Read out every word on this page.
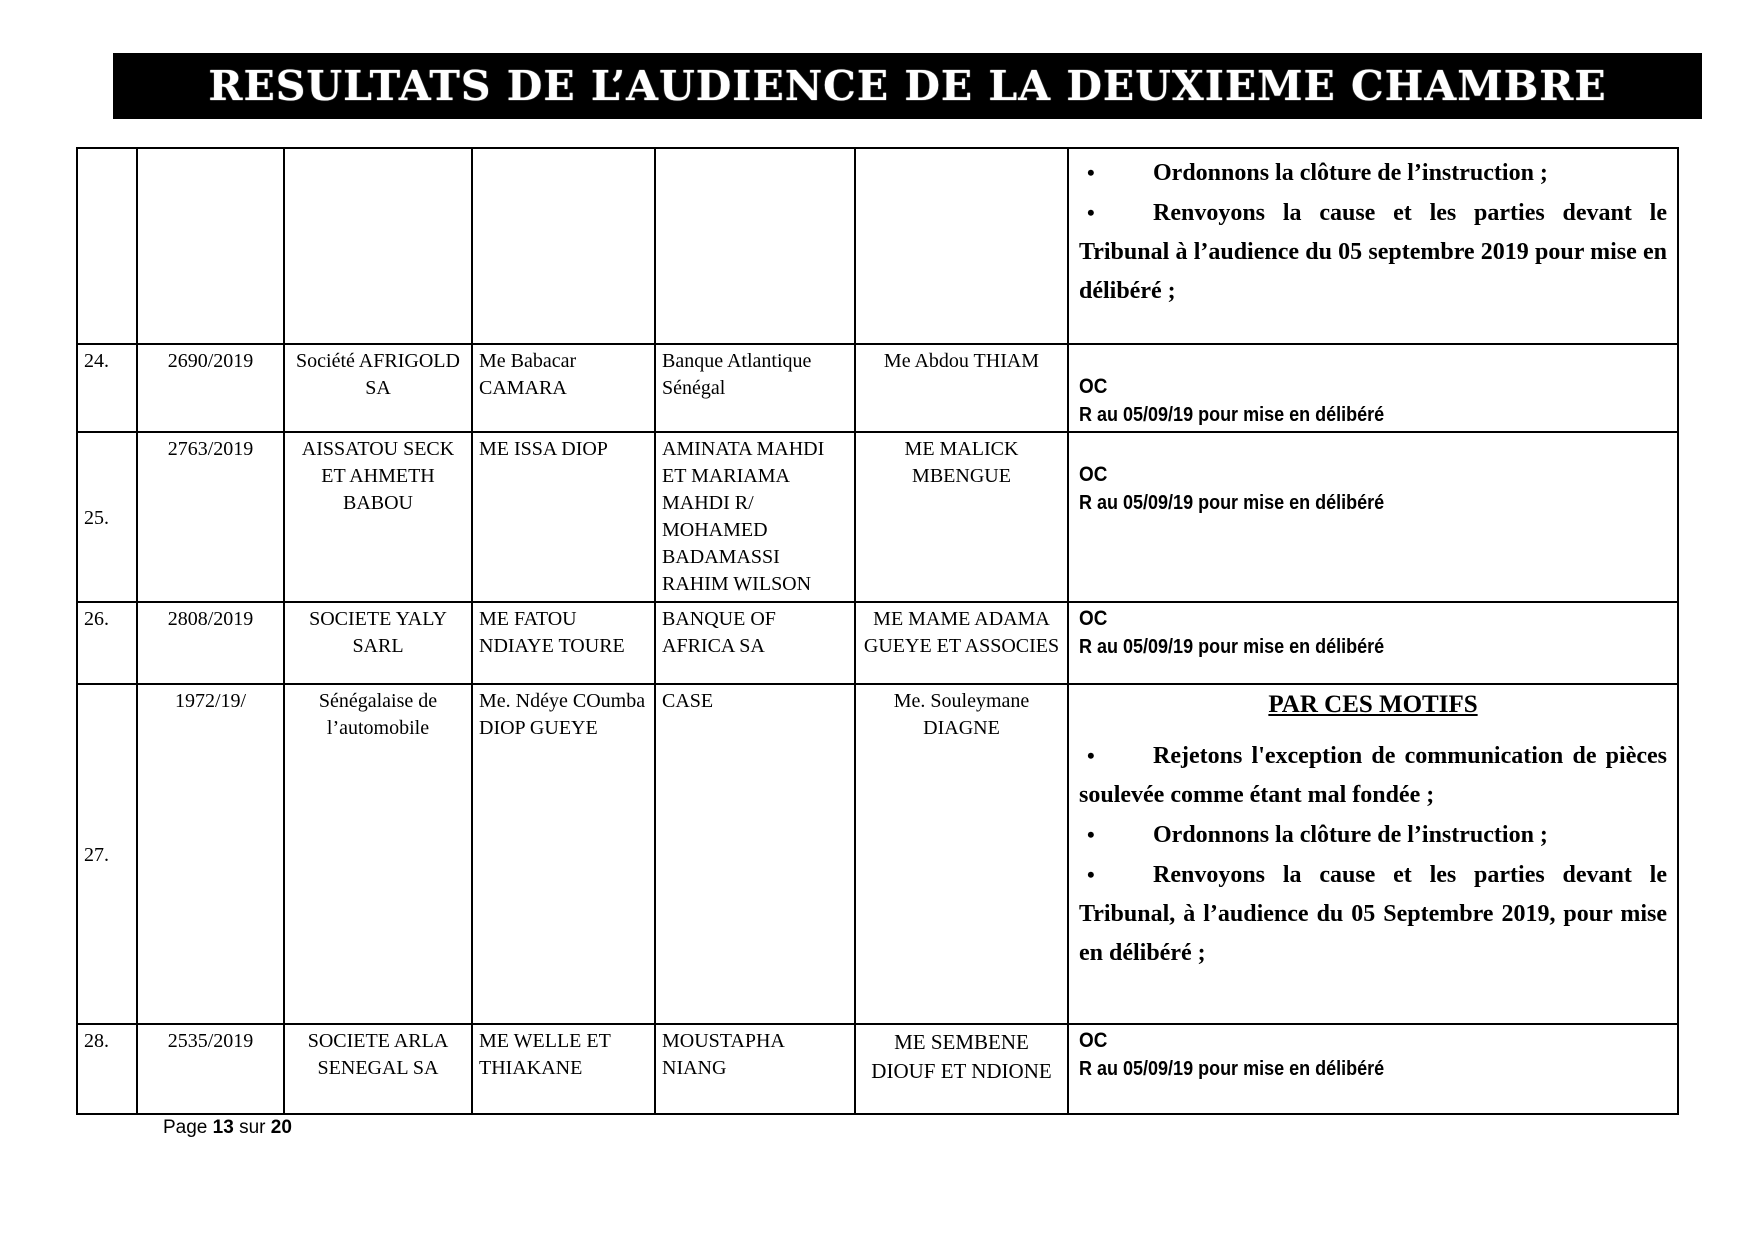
RESULTATS DE L’AUDIENCE DE LA DEUXIEME CHAMBRE

						• Ordonnons la clôture de l’instruction ;
• Renvoyons la cause et les parties devant le Tribunal à l’audience du 05 septembre 2019 pour mise en délibéré ;

24.	2690/2019	Société AFRIGOLD SA	Me Babacar CAMARA	Banque Atlantique Sénégal	Me Abdou THIAM	OC
R au 05/09/19 pour mise en délibéré

25.	2763/2019	AISSATOU SECK ET AHMETH BABOU	ME ISSA DIOP	AMINATA MAHDI ET MARIAMA MAHDI R/ MOHAMED BADAMASSI RAHIM WILSON	ME MALICK MBENGUE	OC
R au 05/09/19 pour mise en délibéré

26.	2808/2019	SOCIETE YALY SARL	ME FATOU NDIAYE TOURE	BANQUE OF AFRICA SA	ME MAME ADAMA GUEYE ET ASSOCIES	OC
R au 05/09/19 pour mise en délibéré

27.	1972/19/	Sénégalaise de l’automobile	Me. Ndéye COumba DIOP GUEYE	CASE	Me. Souleymane DIAGNE	PAR CES MOTIFS
• Rejetons l'exception de communication de pièces soulevée comme étant mal fondée ;
• Ordonnons la clôture de l’instruction ;
• Renvoyons la cause et les parties devant le Tribunal, à l’audience du 05 Septembre 2019, pour mise en délibéré ;

28.	2535/2019	SOCIETE ARLA SENEGAL SA	ME WELLE ET THIAKANE	MOUSTAPHA NIANG	ME SEMBENE DIOUF ET NDIONE	OC
R au 05/09/19 pour mise en délibéré
Page 13 sur 20
